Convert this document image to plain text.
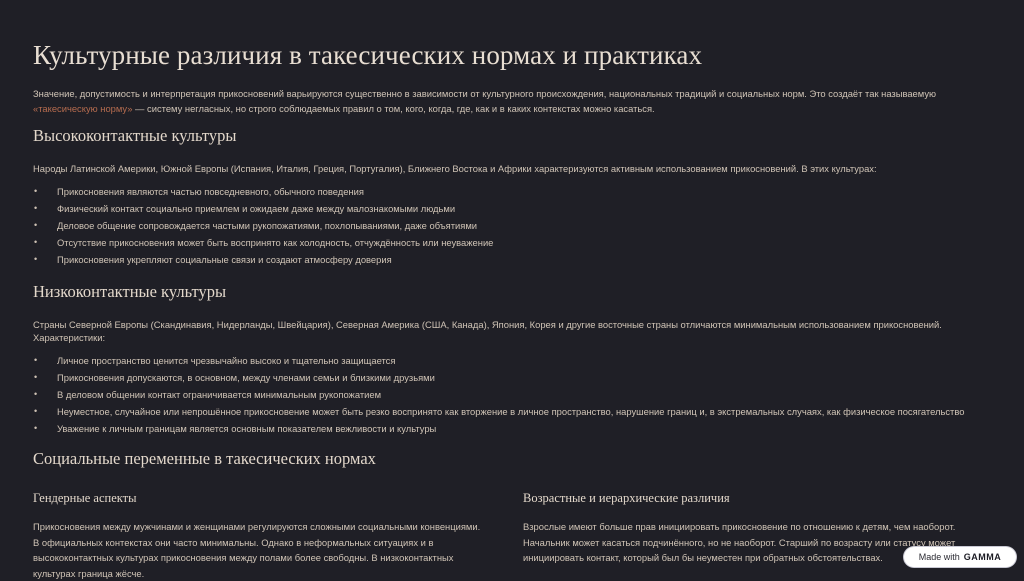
Культурные различия в такесических нормах и практиках

Значение, допустимость и интерпретация прикосновений варьируются существенно в зависимости от культурного происхождения, национальных традиций и социальных норм. Это создаёт так называемую «такесическую норму» — систему негласных, но строго соблюдаемых правил о том, кого, когда, где, как и в каких контекстах можно касаться.

Высококонтактные культуры

Народы Латинской Америки, Южной Европы (Испания, Италия, Греция, Португалия), Ближнего Востока и Африки характеризуются активным использованием прикосновений. В этих культурах:

• Прикосновения являются частью повседневного, обычного поведения
• Физический контакт социально приемлем и ожидаем даже между малознакомыми людьми
• Деловое общение сопровождается частыми рукопожатиями, похлопываниями, даже объятиями
• Отсутствие прикосновения может быть воспринято как холодность, отчуждённость или неуважение
• Прикосновения укрепляют социальные связи и создают атмосферу доверия
Низкоконтактные культуры

Страны Северной Европы (Скандинавия, Нидерланды, Швейцария), Северная Америка (США, Канада), Япония, Корея и другие восточные страны отличаются минимальным использованием прикосновений. Характеристики:

• Личное пространство ценится чрезвычайно высоко и тщательно защищается
• Прикосновения допускаются, в основном, между членами семьи и близкими друзьями
• В деловом общении контакт ограничивается минимальным рукопожатием
• Неуместное, случайное или непрошённое прикосновение может быть резко воспринято как вторжение в личное пространство, нарушение границ и, в экстремальных случаях, как физическое посягательство
• Уважение к личным границам является основным показателем вежливости и культуры
Социальные переменные в такесических нормах
Гендерные аспекты

Прикосновения между мужчинами и женщинами регулируются сложными социальными конвенциями. В официальных контекстах они часто минимальны. Однако в неформальных ситуациях и в высококонтактных культурах прикосновения между полами более свободны. В низкоконтактных культурах граница жёсче.

Возрастные и иерархические различия

Взрослые имеют больше прав инициировать прикосновение по отношению к детям, чем наоборот. Начальник может касаться подчинённого, но не наоборот. Старший по возрасту или статусу может инициировать контакт, который был бы неуместен при обратных обстоятельствах.	Made with GAMMA
